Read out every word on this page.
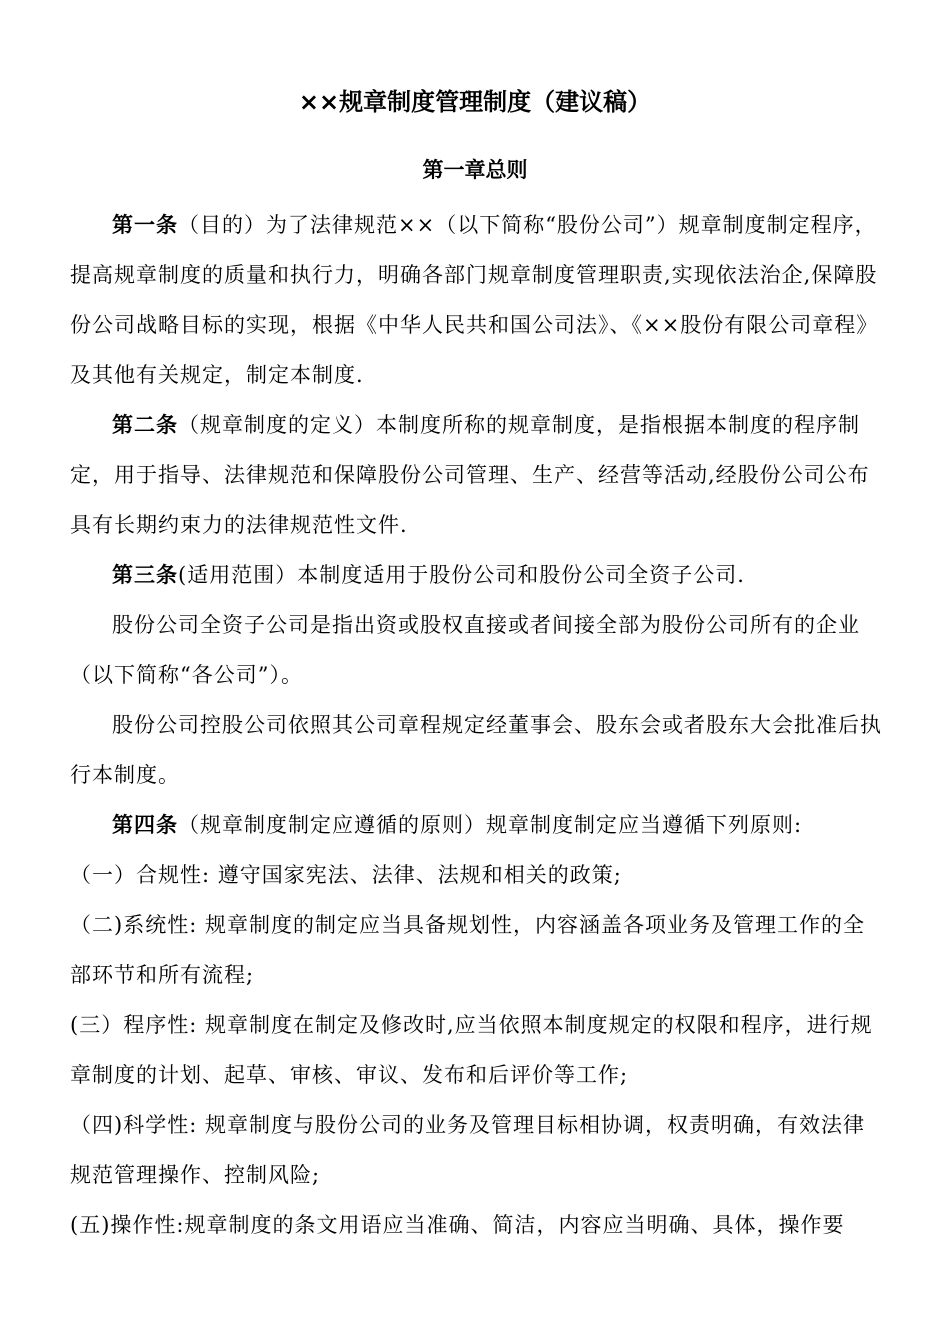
××规章制度管理制度（建议稿）
第一章总则

第一条（目的）为了法律规范××（以下简称“股份公司”）规章制度制定程序，提高规章制度的质量和执行力，明确各部门规章制度管理职责,实现依法治企,保障股份公司战略目标的实现，根据《中华人民共和国公司法》、《××股份有限公司章程》及其他有关规定，制定本制度.

第二条（规章制度的定义）本制度所称的规章制度，是指根据本制度的程序制定，用于指导、法律规范和保障股份公司管理、生产、经营等活动,经股份公司公布具有长期约束力的法律规范性文件.

第三条(适用范围）本制度适用于股份公司和股份公司全资子公司.

股份公司全资子公司是指出资或股权直接或者间接全部为股份公司所有的企业（以下简称“各公司”）。

股份公司控股公司依照其公司章程规定经董事会、股东会或者股东大会批准后执行本制度。

第四条（规章制度制定应遵循的原则）规章制度制定应当遵循下列原则:

（一）合规性: 遵守国家宪法、法律、法规和相关的政策;

（二)系统性: 规章制度的制定应当具备规划性，内容涵盖各项业务及管理工作的全部环节和所有流程;

(三）程序性: 规章制度在制定及修改时,应当依照本制度规定的权限和程序，进行规章制度的计划、起草、审核、审议、发布和后评价等工作;

（四)科学性: 规章制度与股份公司的业务及管理目标相协调，权责明确，有效法律规范管理操作、控制风险;

(五)操作性:规章制度的条文用语应当准确、简洁，内容应当明确、具体，操作要
